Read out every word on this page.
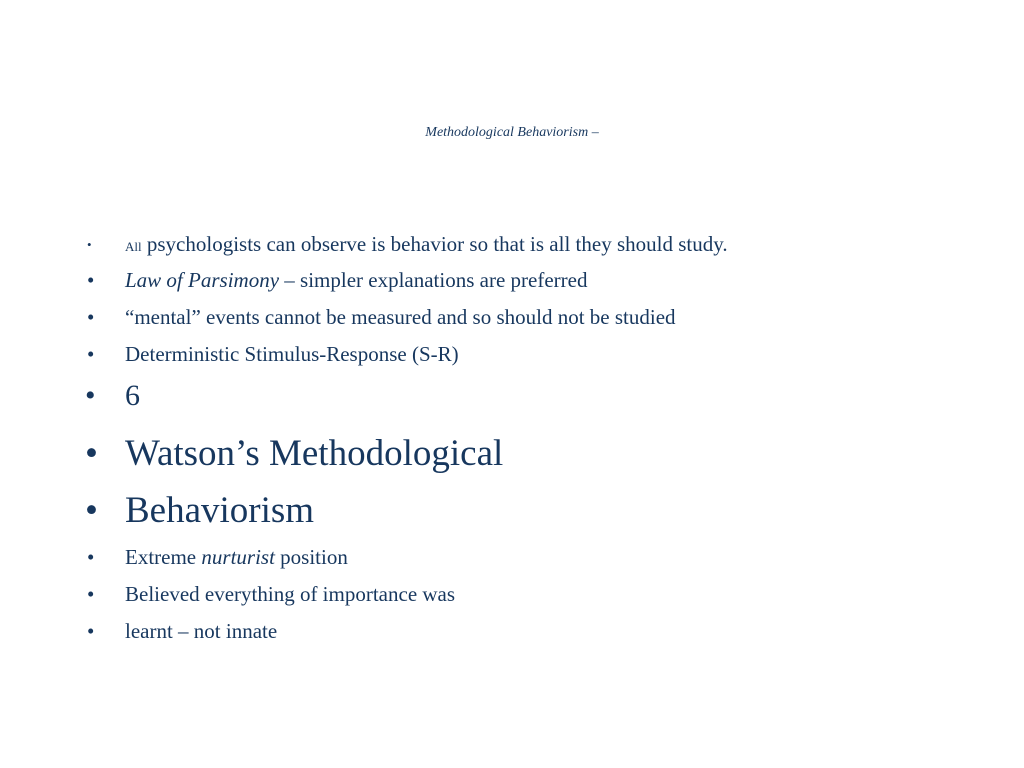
Methodological Behaviorism –
•	All psychologists can observe is behavior so that is all they should study.
• Law of Parsimony – simpler explanations are preferred
• “mental” events cannot be measured and so should not be studied
• Deterministic Stimulus-Response (S-R)
• 6
• Watson’s Methodological
• Behaviorism
• Extreme nurturist position
• Believed everything of importance was
• learnt – not innate
